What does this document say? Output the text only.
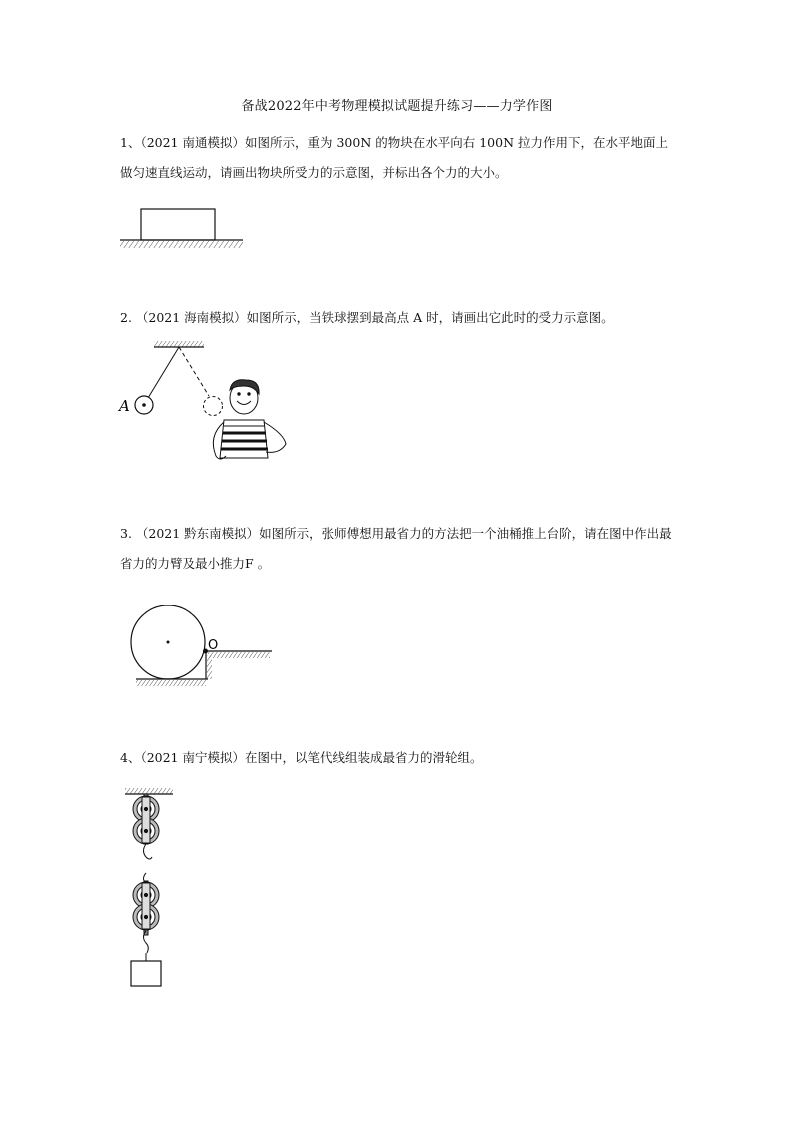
备战2022年中考物理模拟试题提升练习——力学作图
1、（2021 南通模拟）如图所示，重为 300N 的物块在水平向右 100N 拉力作用下，在水平地面上做匀速直线运动，请画出物块所受力的示意图，并标出各个力的大小。
2. （2021 海南模拟）如图所示，当铁球摆到最高点 A 时，请画出它此时的受力示意图。
A
3. （2021 黔东南模拟）如图所示，张师傅想用最省力的方法把一个油桶推上台阶，请在图中作出最省力的力臂及最小推力F 。
O
4、（2021 南宁模拟）在图中，以笔代线组装成最省力的滑轮组。
